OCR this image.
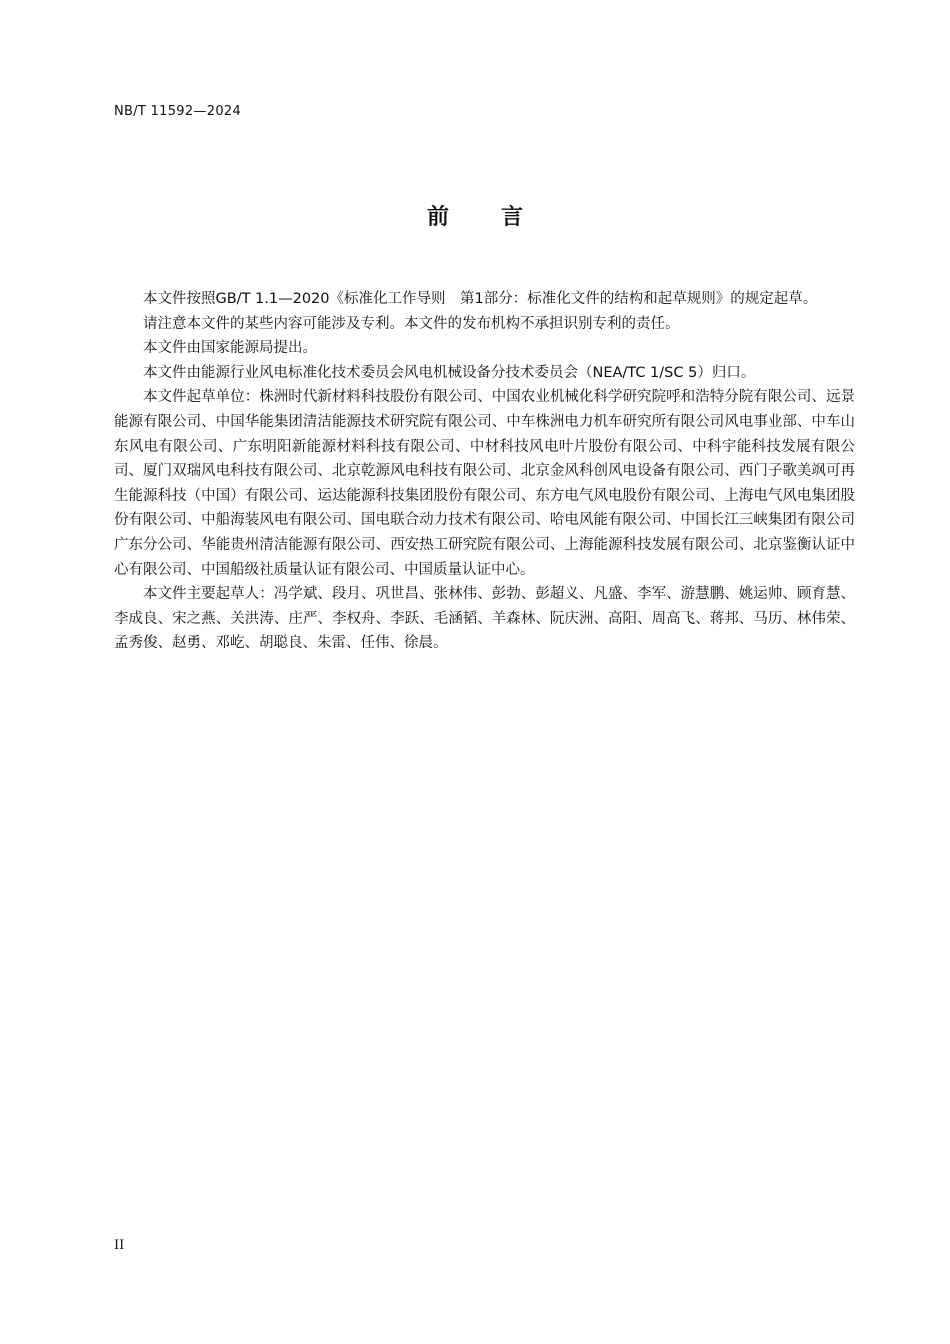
NB/T 11592—2024
前 言

本文件按照GB/T 1.1—2020《标准化工作导则　第1部分：标准化文件的结构和起草规则》的规定起草。

请注意本文件的某些内容可能涉及专利。本文件的发布机构不承担识别专利的责任。

本文件由国家能源局提出。

本文件由能源行业风电标准化技术委员会风电机械设备分技术委员会（NEA/TC 1/SC 5）归口。

本文件起草单位：株洲时代新材料科技股份有限公司、中国农业机械化科学研究院呼和浩特分院有限公司、远景能源有限公司、中国华能集团清洁能源技术研究院有限公司、中车株洲电力机车研究所有限公司风电事业部、中车山东风电有限公司、广东明阳新能源材料科技有限公司、中材科技风电叶片股份有限公司、中科宇能科技发展有限公司、厦门双瑞风电科技有限公司、北京乾源风电科技有限公司、北京金风科创风电设备有限公司、西门子歌美飒可再生能源科技（中国）有限公司、运达能源科技集团股份有限公司、东方电气风电股份有限公司、上海电气风电集团股份有限公司、中船海装风电有限公司、国电联合动力技术有限公司、哈电风能有限公司、中国长江三峡集团有限公司广东分公司、华能贵州清洁能源有限公司、西安热工研究院有限公司、上海能源科技发展有限公司、北京鉴衡认证中心有限公司、中国船级社质量认证有限公司、中国质量认证中心。

本文件主要起草人：冯学斌、段月、巩世昌、张林伟、彭勃、彭超义、凡盛、李军、游慧鹏、姚运帅、顾育慧、李成良、宋之燕、关洪涛、庄严、李权舟、李跃、毛涵韬、羊森林、阮庆洲、高阳、周高飞、蒋邦、马历、林伟荣、孟秀俊、赵勇、邓屹、胡聪良、朱雷、任伟、徐晨。

II
